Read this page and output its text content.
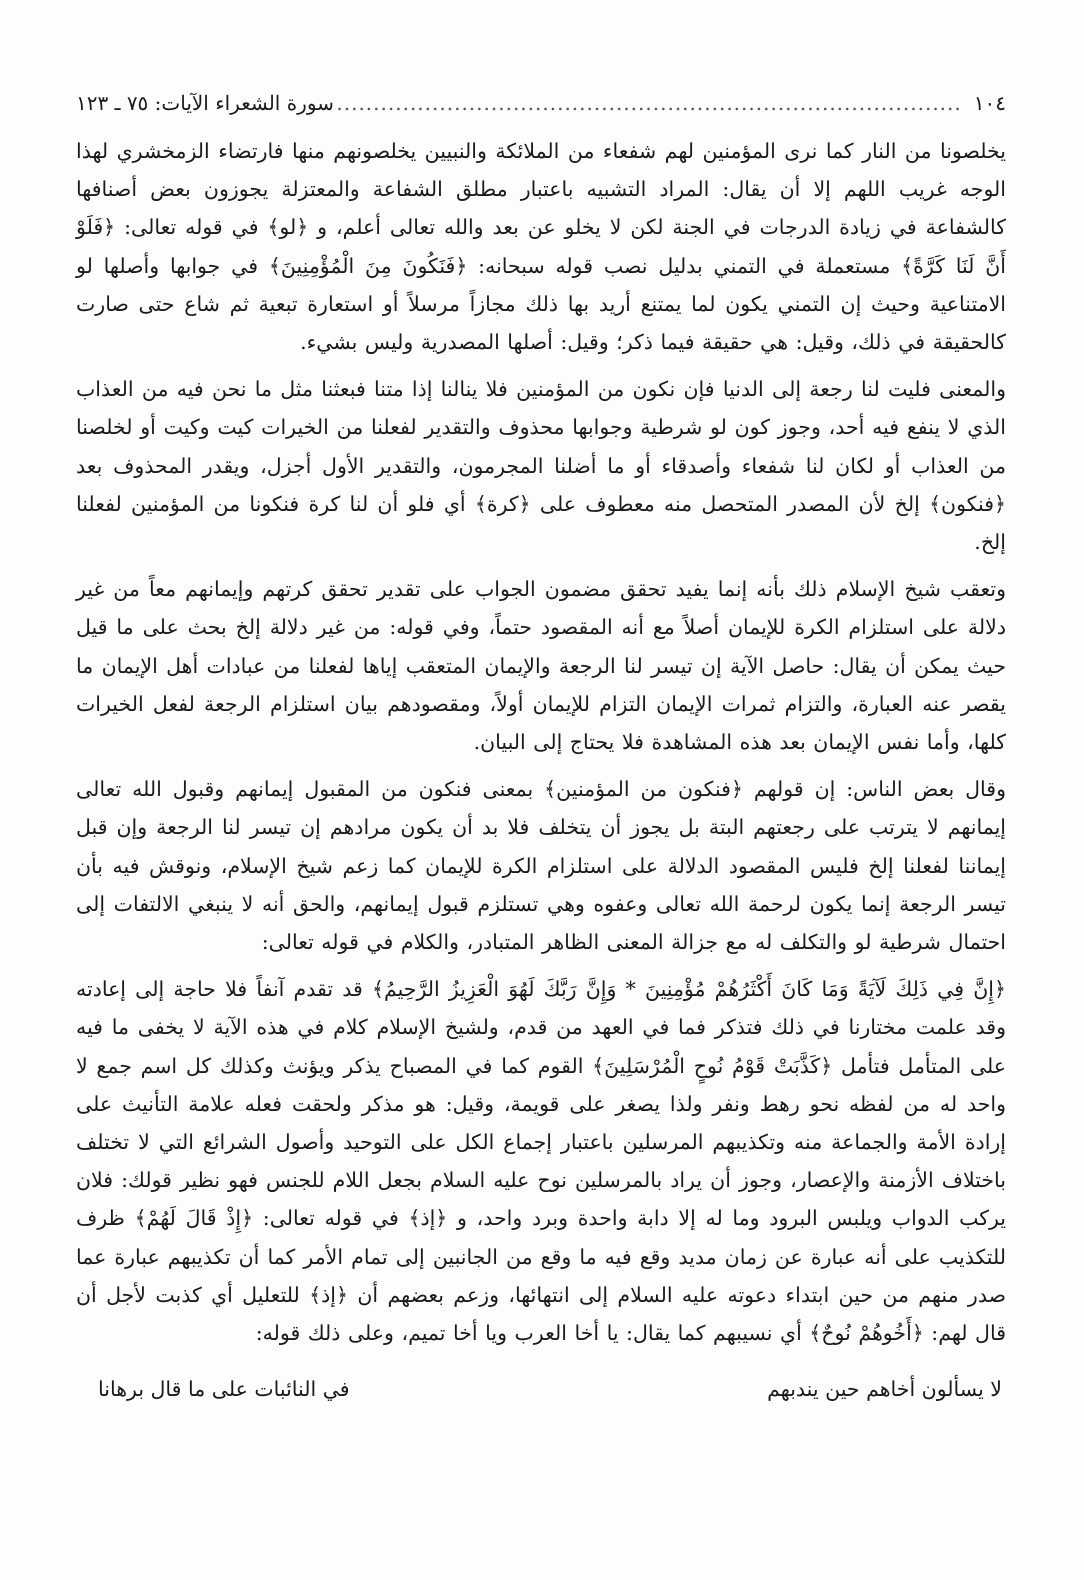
١٠٤
.....
سورة الشعراء الآيات: ٧٥ ـ ١٢٣

يخلصونا من النار كما نرى المؤمنين لهم شفعاء من الملائكة والنبيين يخلصونهم منها فارتضاء الزمخشري لهذا الوجه غريب اللهم إلا أن يقال: المراد التشبيه باعتبار مطلق الشفاعة والمعتزلة يجوزون بعض أصنافها كالشفاعة في زيادة الدرجات في الجنة لكن لا يخلو عن بعد والله تعالى أعلم، و ﴿لو﴾ في قوله تعالى: ﴿فَلَوْ أَنَّ لَنَا كَرَّةً﴾ مستعملة في التمني بدليل نصب قوله سبحانه: ﴿فَنَكُونَ مِنَ الْمُؤْمِنِينَ﴾ في جوابها وأصلها لو الامتناعية وحيث إن التمني يكون لما يمتنع أريد بها ذلك مجازاً مرسلاً أو استعارة تبعية ثم شاع حتى صارت كالحقيقة في ذلك، وقيل: هي حقيقة فيما ذكر؛ وقيل: أصلها المصدرية وليس بشيء.

والمعنى فليت لنا رجعة إلى الدنيا فإن نكون من المؤمنين فلا ينالنا إذا متنا فبعثنا مثل ما نحن فيه من العذاب الذي لا ينفع فيه أحد، وجوز كون لو شرطية وجوابها محذوف والتقدير لفعلنا من الخيرات كيت وكيت أو لخلصنا من العذاب أو لكان لنا شفعاء وأصدقاء أو ما أضلنا المجرمون، والتقدير الأول أجزل، ويقدر المحذوف بعد ﴿فنكون﴾ إلخ لأن المصدر المتحصل منه معطوف على ﴿كرة﴾ أي فلو أن لنا كرة فنكونا من المؤمنين لفعلنا إلخ.

وتعقب شيخ الإسلام ذلك بأنه إنما يفيد تحقق مضمون الجواب على تقدير تحقق كرتهم وإيمانهم معاً من غير دلالة على استلزام الكرة للإيمان أصلاً مع أنه المقصود حتماً، وفي قوله: من غير دلالة إلخ بحث على ما قيل حيث يمكن أن يقال: حاصل الآية إن تيسر لنا الرجعة والإيمان المتعقب إياها لفعلنا من عبادات أهل الإيمان ما يقصر عنه العبارة، والتزام ثمرات الإيمان التزام للإيمان أولاً، ومقصودهم بيان استلزام الرجعة لفعل الخيرات كلها، وأما نفس الإيمان بعد هذه المشاهدة فلا يحتاج إلى البيان.

وقال بعض الناس: إن قولهم ﴿فنكون من المؤمنين﴾ بمعنى فنكون من المقبول إيمانهم وقبول الله تعالى إيمانهم لا يترتب على رجعتهم البتة بل يجوز أن يتخلف فلا بد أن يكون مرادهم إن تيسر لنا الرجعة وإن قبل إيماننا لفعلنا إلخ فليس المقصود الدلالة على استلزام الكرة للإيمان كما زعم شيخ الإسلام، ونوقش فيه بأن تيسر الرجعة إنما يكون لرحمة الله تعالى وعفوه وهي تستلزم قبول إيمانهم، والحق أنه لا ينبغي الالتفات إلى احتمال شرطية لو والتكلف له مع جزالة المعنى الظاهر المتبادر، والكلام في قوله تعالى:

﴿إِنَّ فِي ذَلِكَ لَآيَةً وَمَا كَانَ أَكْثَرُهُمْ مُؤْمِنِينَ * وَإِنَّ رَبَّكَ لَهُوَ الْعَزِيزُ الرَّحِيمُ﴾ قد تقدم آنفاً فلا حاجة إلى إعادته وقد علمت مختارنا في ذلك فتذكر فما في العهد من قدم، ولشيخ الإسلام كلام في هذه الآية لا يخفى ما فيه على المتأمل فتأمل ﴿كَذَّبَتْ قَوْمُ نُوحٍ الْمُرْسَلِينَ﴾ القوم كما في المصباح يذكر ويؤنث وكذلك كل اسم جمع لا واحد له من لفظه نحو رهط ونفر ولذا يصغر على قويمة، وقيل: هو مذكر ولحقت فعله علامة التأنيث على إرادة الأمة والجماعة منه وتكذيبهم المرسلين باعتبار إجماع الكل على التوحيد وأصول الشرائع التي لا تختلف باختلاف الأزمنة والإعصار، وجوز أن يراد بالمرسلين نوح عليه السلام بجعل اللام للجنس فهو نظير قولك: فلان يركب الدواب ويلبس البرود وما له إلا دابة واحدة وبرد واحد، و ﴿إذ﴾ في قوله تعالى: ﴿إِذْ قَالَ لَهُمْ﴾ ظرف للتكذيب على أنه عبارة عن زمان مديد وقع فيه ما وقع من الجانبين إلى تمام الأمر كما أن تكذيبهم عبارة عما صدر منهم من حين ابتداء دعوته عليه السلام إلى انتهائها، وزعم بعضهم أن ﴿إذ﴾ للتعليل أي كذبت لأجل أن قال لهم: ﴿أَخُوهُمْ نُوحٌ﴾ أي نسيبهم كما يقال: يا أخا العرب ويا أخا تميم، وعلى ذلك قوله:

لا يسألون أخاهم حين يندبهم
في النائبات على ما قال برهانا
